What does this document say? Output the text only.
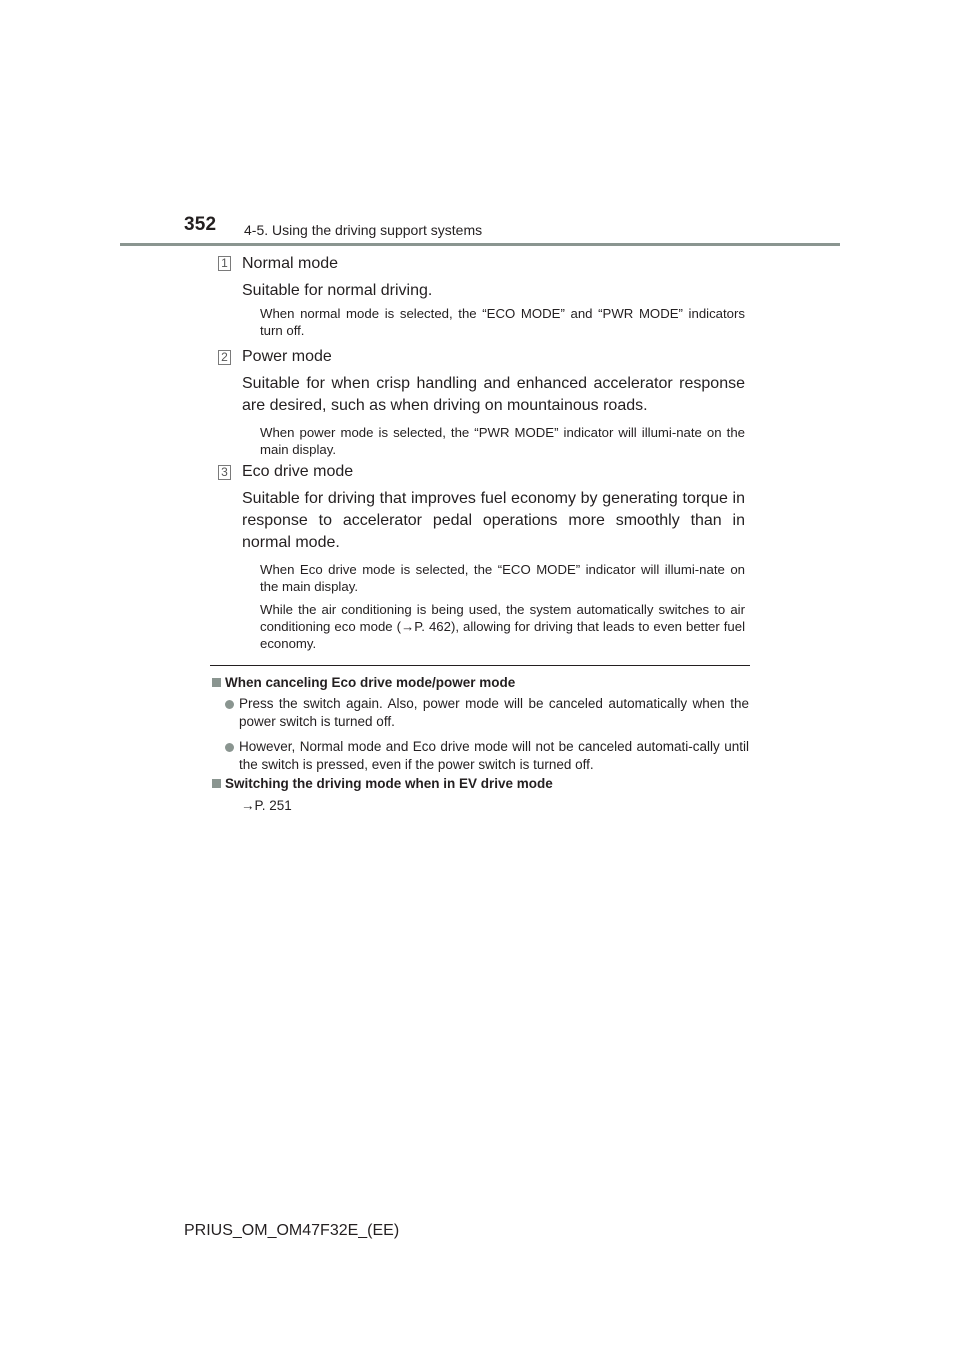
352 4-5. Using the driving support systems
1 Normal mode
Suitable for normal driving.
When normal mode is selected, the “ECO MODE” and “PWR MODE” indicators turn off.
2 Power mode
Suitable for when crisp handling and enhanced accelerator response are desired, such as when driving on mountainous roads.
When power mode is selected, the “PWR MODE” indicator will illumi-nate on the main display.
3 Eco drive mode
Suitable for driving that improves fuel economy by generating torque in response to accelerator pedal operations more smoothly than in normal mode.
When Eco drive mode is selected, the “ECO MODE” indicator will illumi-nate on the main display.
While the air conditioning is being used, the system automatically switches to air conditioning eco mode (→P. 462), allowing for driving that leads to even better fuel economy.
When canceling Eco drive mode/power mode
Press the switch again. Also, power mode will be canceled automatically when the power switch is turned off.
However, Normal mode and Eco drive mode will not be canceled automati-cally until the switch is pressed, even if the power switch is turned off.
Switching the driving mode when in EV drive mode
→P. 251
PRIUS_OM_OM47F32E_(EE)
